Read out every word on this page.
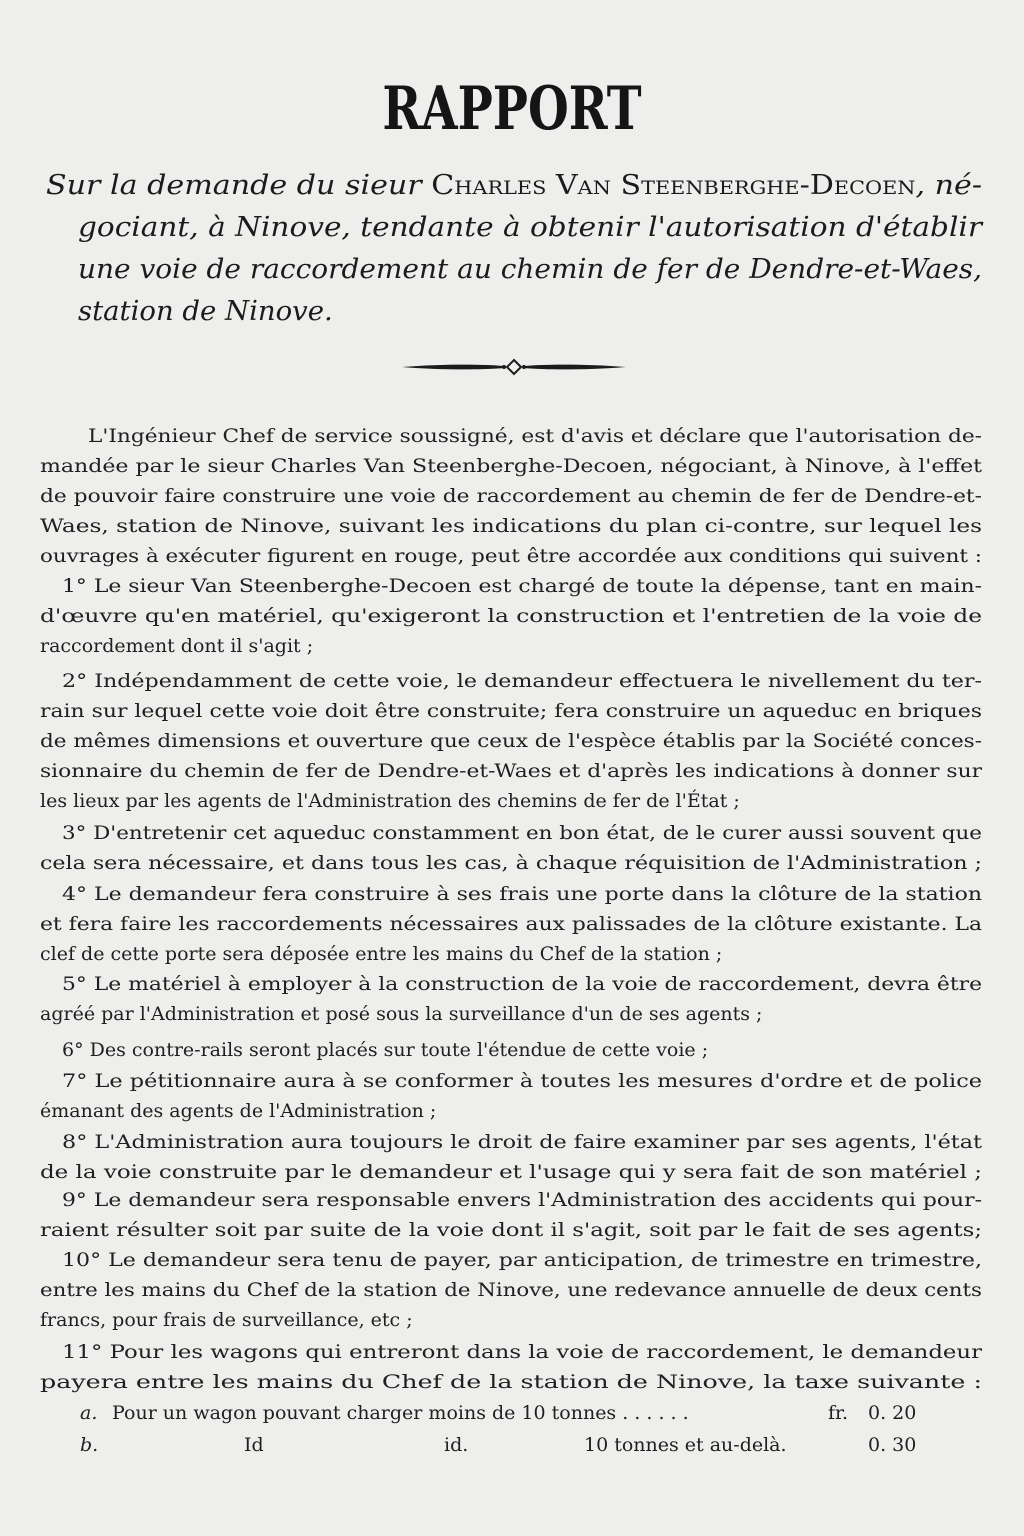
RAPPORT
Sur la demande du sieur Charles Van Steenberghe-Decoen, né-
gociant, à Ninove, tendante à obtenir l'autorisation d'établir
une voie de raccordement au chemin de fer de Dendre-et-Waes,
station de Ninove.
L'Ingénieur Chef de service soussigné, est d'avis et déclare que l'autorisation de-
mandée par le sieur Charles Van Steenberghe-Decoen, négociant, à Ninove, à l'effet
de pouvoir faire construire une voie de raccordement au chemin de fer de Dendre-et-
Waes, station de Ninove, suivant les indications du plan ci-contre, sur lequel les
ouvrages à exécuter figurent en rouge, peut être accordée aux conditions qui suivent :
1° Le sieur Van Steenberghe-Decoen est chargé de toute la dépense, tant en main-
d'œuvre qu'en matériel, qu'exigeront la construction et l'entretien de la voie de
raccordement dont il s'agit ;
2° Indépendamment de cette voie, le demandeur effectuera le nivellement du ter-
rain sur lequel cette voie doit être construite; fera construire un aqueduc en briques
de mêmes dimensions et ouverture que ceux de l'espèce établis par la Société conces-
sionnaire du chemin de fer de Dendre-et-Waes et d'après les indications à donner sur
les lieux par les agents de l'Administration des chemins de fer de l'État ;
3° D'entretenir cet aqueduc constamment en bon état, de le curer aussi souvent que
cela sera nécessaire, et dans tous les cas, à chaque réquisition de l'Administration ;
4° Le demandeur fera construire à ses frais une porte dans la clôture de la station
et fera faire les raccordements nécessaires aux palissades de la clôture existante. La
clef de cette porte sera déposée entre les mains du Chef de la station ;
5° Le matériel à employer à la construction de la voie de raccordement, devra être
agréé par l'Administration et posé sous la surveillance d'un de ses agents ;
6° Des contre-rails seront placés sur toute l'étendue de cette voie ;
7° Le pétitionnaire aura à se conformer à toutes les mesures d'ordre et de police
émanant des agents de l'Administration ;
8° L'Administration aura toujours le droit de faire examiner par ses agents, l'état
de la voie construite par le demandeur et l'usage qui y sera fait de son matériel ;
9° Le demandeur sera responsable envers l'Administration des accidents qui pour-
raient résulter soit par suite de la voie dont il s'agit, soit par le fait de ses agents;
10° Le demandeur sera tenu de payer, par anticipation, de trimestre en trimestre,
entre les mains du Chef de la station de Ninove, une redevance annuelle de deux cents
francs, pour frais de surveillance, etc ;
11° Pour les wagons qui entreront dans la voie de raccordement, le demandeur
payera entre les mains du Chef de la station de Ninove, la taxe suivante :
a. Pour un wagon pouvant charger moins de 10 tonnes . . . . . .	fr. 0. 20
b.	Id	id.	10 tonnes et au-delà.	0. 30
